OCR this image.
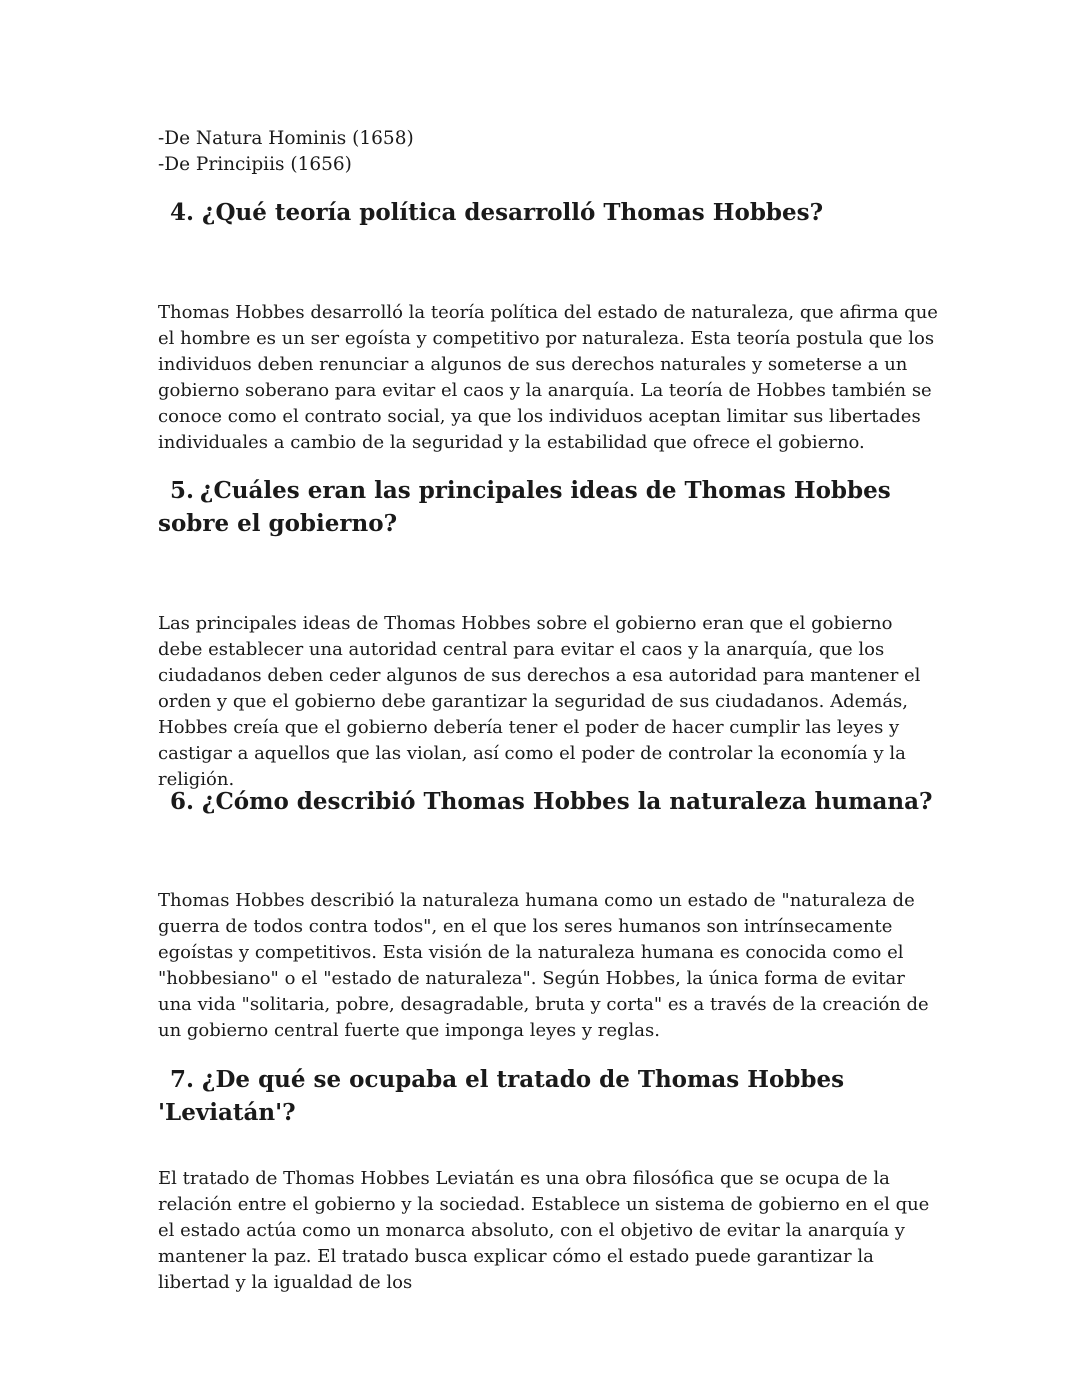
-De Natura Hominis (1658)

-De Principiis (1656)

4. ¿Qué teoría política desarrolló Thomas Hobbes?

Thomas Hobbes desarrolló la teoría política del estado de naturaleza, que afirma que el hombre es un ser egoísta y competitivo por naturaleza. Esta teoría postula que los individuos deben renunciar a algunos de sus derechos naturales y someterse a un gobierno soberano para evitar el caos y la anarquía. La teoría de Hobbes también se conoce como el contrato social, ya que los individuos aceptan limitar sus libertades individuales a cambio de la seguridad y la estabilidad que ofrece el gobierno.

5. ¿Cuáles eran las principales ideas de Thomas Hobbes sobre el gobierno?

Las principales ideas de Thomas Hobbes sobre el gobierno eran que el gobierno debe establecer una autoridad central para evitar el caos y la anarquía, que los ciudadanos deben ceder algunos de sus derechos a esa autoridad para mantener el orden y que el gobierno debe garantizar la seguridad de sus ciudadanos. Además, Hobbes creía que el gobierno debería tener el poder de hacer cumplir las leyes y castigar a aquellos que las violan, así como el poder de controlar la economía y la religión.

6. ¿Cómo describió Thomas Hobbes la naturaleza humana?

Thomas Hobbes describió la naturaleza humana como un estado de "naturaleza de guerra de todos contra todos", en el que los seres humanos son intrínsecamente egoístas y competitivos. Esta visión de la naturaleza humana es conocida como el "hobbesiano" o el "estado de naturaleza". Según Hobbes, la única forma de evitar una vida "solitaria, pobre, desagradable, bruta y corta" es a través de la creación de un gobierno central fuerte que imponga leyes y reglas.

7. ¿De qué se ocupaba el tratado de Thomas Hobbes 'Leviatán'?

El tratado de Thomas Hobbes Leviatán es una obra filosófica que se ocupa de la relación entre el gobierno y la sociedad. Establece un sistema de gobierno en el que el estado actúa como un monarca absoluto, con el objetivo de evitar la anarquía y mantener la paz. El tratado busca explicar cómo el estado puede garantizar la libertad y la igualdad de los
